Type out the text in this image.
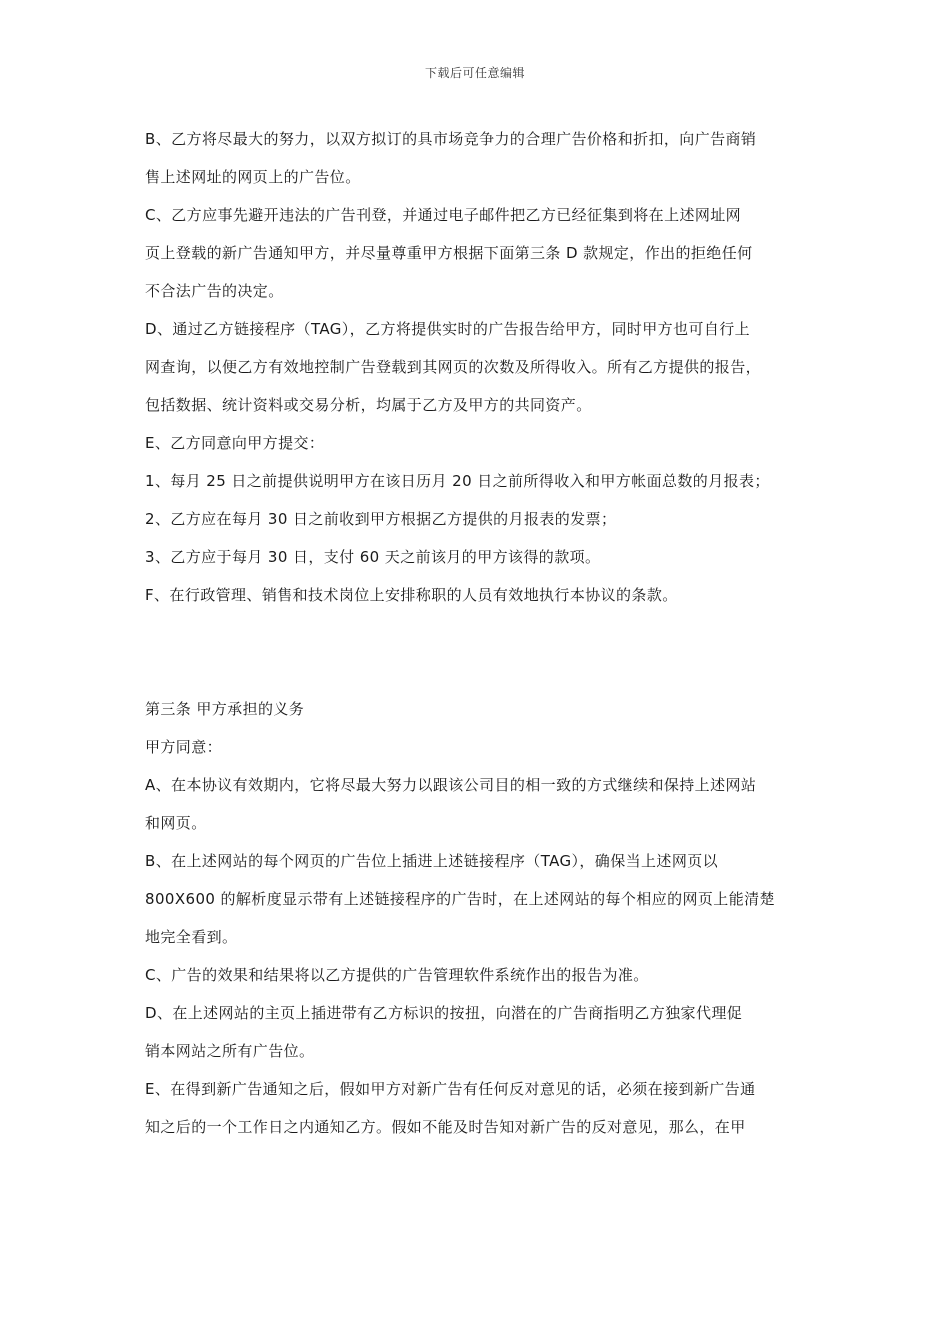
下载后可任意编辑
B、乙方将尽最大的努力，以双方拟订的具市场竞争力的合理广告价格和折扣，向广告商销
售上述网址的网页上的广告位。
C、乙方应事先避开违法的广告刊登，并通过电子邮件把乙方已经征集到将在上述网址网
页上登载的新广告通知甲方，并尽量尊重甲方根据下面第三条 D 款规定，作出的拒绝任何
不合法广告的决定。
D、通过乙方链接程序（TAG），乙方将提供实时的广告报告给甲方，同时甲方也可自行上
网查询，以便乙方有效地控制广告登载到其网页的次数及所得收入。所有乙方提供的报告，
包括数据、统计资料或交易分析，均属于乙方及甲方的共同资产。
E、乙方同意向甲方提交：
1、每月 25 日之前提供说明甲方在该日历月 20 日之前所得收入和甲方帐面总数的月报表；
2、乙方应在每月 30 日之前收到甲方根据乙方提供的月报表的发票；
3、乙方应于每月 30 日，支付 60 天之前该月的甲方该得的款项。
F、在行政管理、销售和技术岗位上安排称职的人员有效地执行本协议的条款。
第三条 甲方承担的义务
甲方同意：
A、在本协议有效期内，它将尽最大努力以跟该公司目的相一致的方式继续和保持上述网站
和网页。
B、在上述网站的每个网页的广告位上插进上述链接程序（TAG），确保当上述网页以
800X600 的解析度显示带有上述链接程序的广告时，在上述网站的每个相应的网页上能清楚
地完全看到。
C、广告的效果和结果将以乙方提供的广告管理软件系统作出的报告为准。
D、在上述网站的主页上插进带有乙方标识的按扭，向潜在的广告商指明乙方独家代理促
销本网站之所有广告位。
E、在得到新广告通知之后，假如甲方对新广告有任何反对意见的话，必须在接到新广告通
知之后的一个工作日之内通知乙方。假如不能及时告知对新广告的反对意见，那么，在甲
